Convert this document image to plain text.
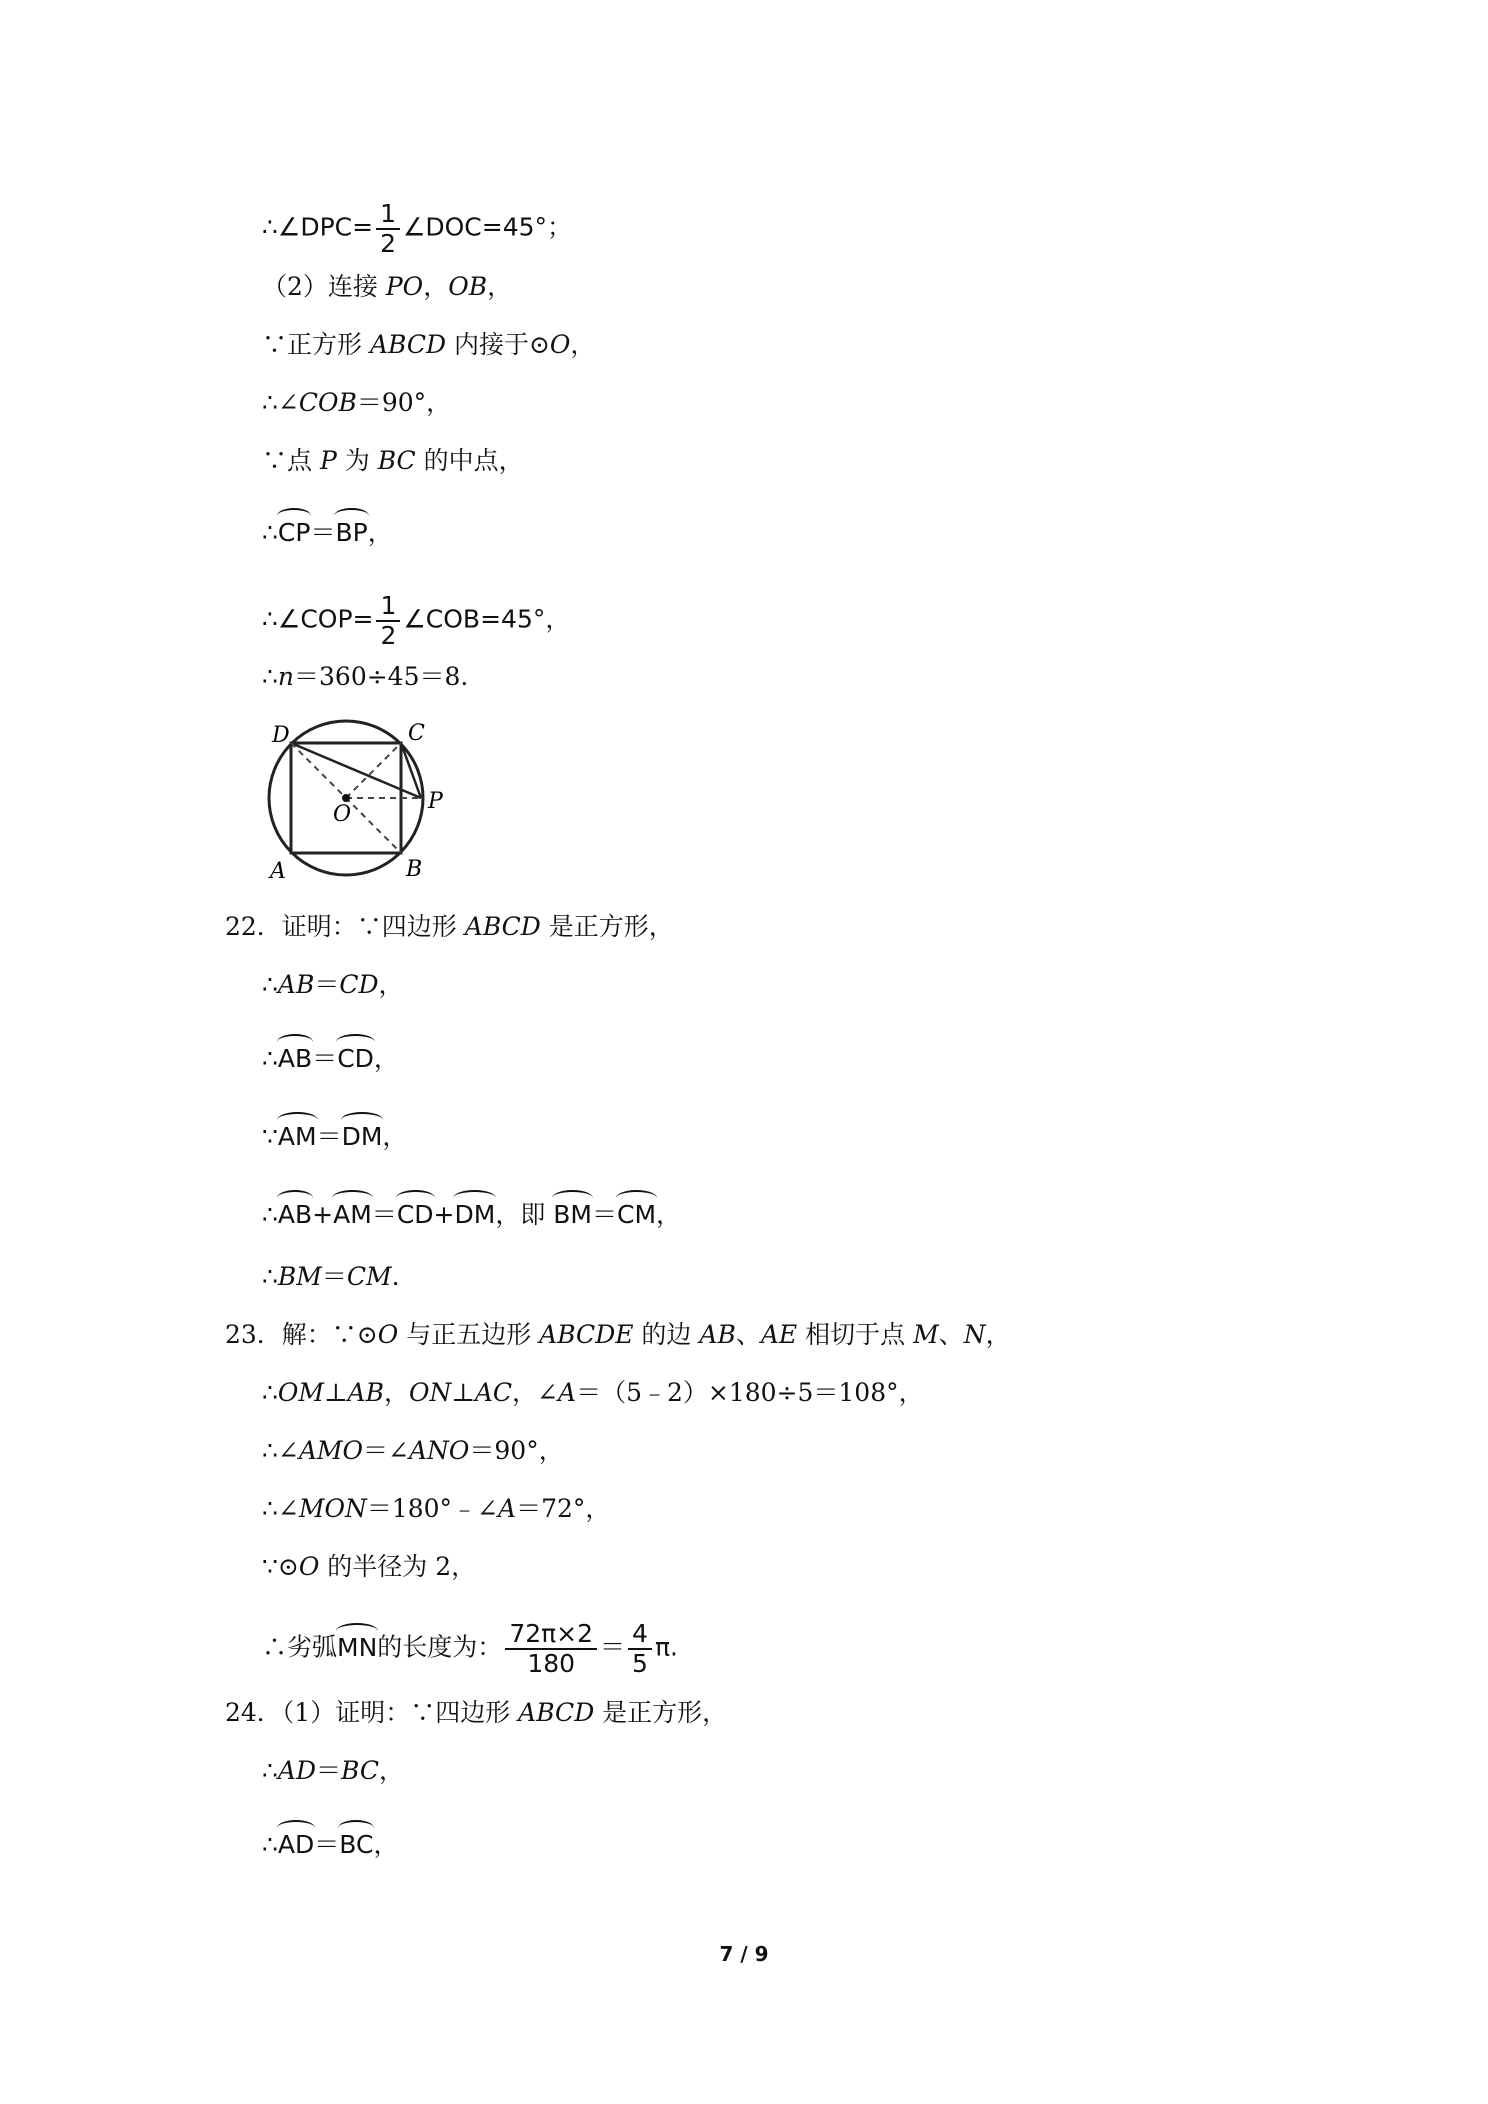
∴∠DPC= $\frac{1}{2}$ ∠DOC=45°；
（2）连接 PO，OB，
∵正方形 ABCD 内接于⊙O，
∴∠COB＝90°，
∵点 P 为 BC 的中点，
∴CP＝BP，
∴∠COP= $\frac{1}{2}$ ∠COB=45°，
∴n＝360÷45＝8.
D	C
P
O
A	B
22．证明：∵四边形 ABCD 是正方形，
∴AB＝CD，
∴AB＝CD，
∵AM＝DM，
∴AB+AM＝CD+DM，即 BM＝CM，
∴BM＝CM.
23．解：∵⊙O 与正五边形 ABCDE 的边 AB、AE 相切于点 M、N，
∴OM⊥AB，ON⊥AC，∠A＝（5﹣2）×180÷5＝108°，
∴∠AMO＝∠ANO＝90°，
∴∠MON＝180°﹣∠A＝72°，
∵⊙O 的半径为 2，
∴劣弧MN的长度为： $\frac{72\pi\times 2}{180} = \frac{4}{5} \pi$.
24．（1）证明：∵四边形 ABCD 是正方形，
∴AD＝BC，
∴AD＝BC，
7 / 9
